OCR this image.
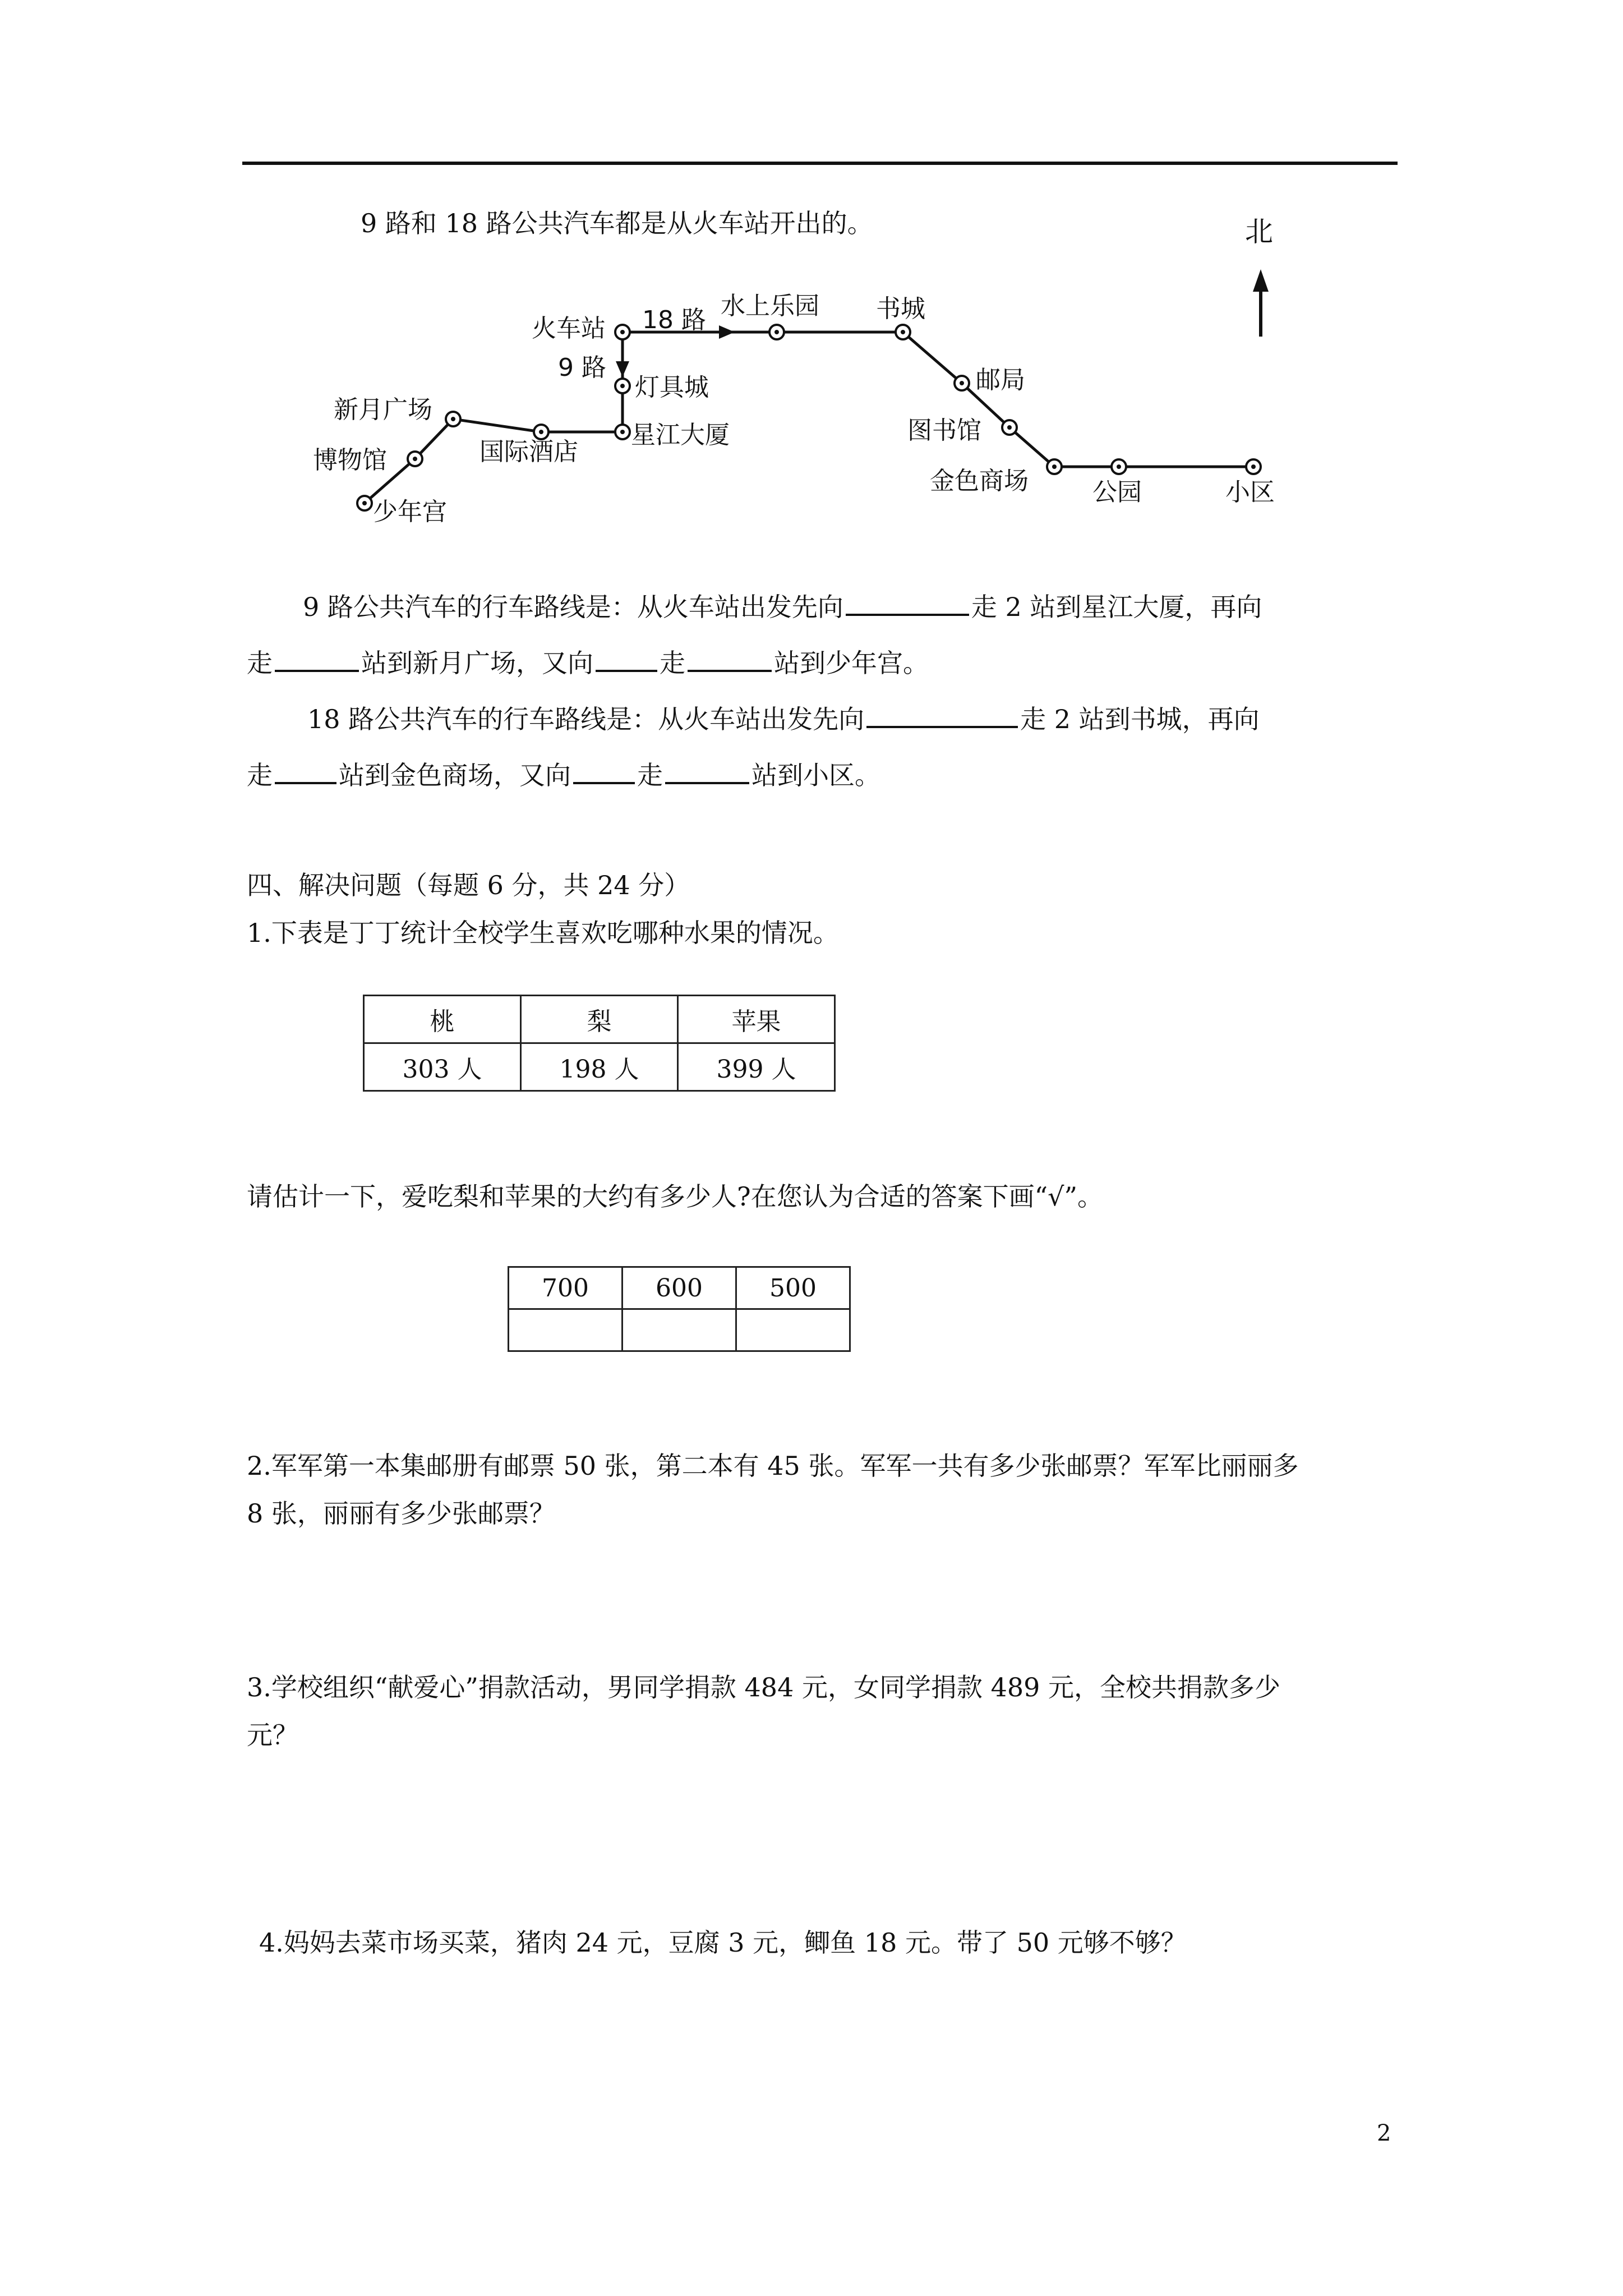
9 路和 18 路公共汽车都是从火车站开出的。	北
火车站 18 路 水上乐园 书城
邮局
图书馆
金色商场	公园	小区
9 路
灯具城
星江大厦
国际酒店
新月广场
博物馆
少年宫
9 路公共汽车的行车路线是：从火车站出发先向	走 2 站到星江大厦，再向
走	站到新月广场，又向	走	站到少年宫。
18 路公共汽车的行车路线是：从火车站出发先向	走 2 站到书城，再向
走	站到金色商场，又向	走	站到小区。
四、解决问题（每题 6 分，共 24 分）
1.下表是丁丁统计全校学生喜欢吃哪种水果的情况。
桃	梨	苹果
303 人	198 人	399 人
请估计一下，爱吃梨和苹果的大约有多少人?在您认为合适的答案下画“√”。
700	600	500

2.军军第一本集邮册有邮票 50 张，第二本有 45 张。军军一共有多少张邮票？军军比丽丽多
8 张，丽丽有多少张邮票？
3.学校组织“献爱心”捐款活动，男同学捐款 484 元，女同学捐款 489 元，全校共捐款多少
元？
4.妈妈去菜市场买菜，猪肉 24 元，豆腐 3 元，鲫鱼 18 元。带了 50 元够不够？
2
